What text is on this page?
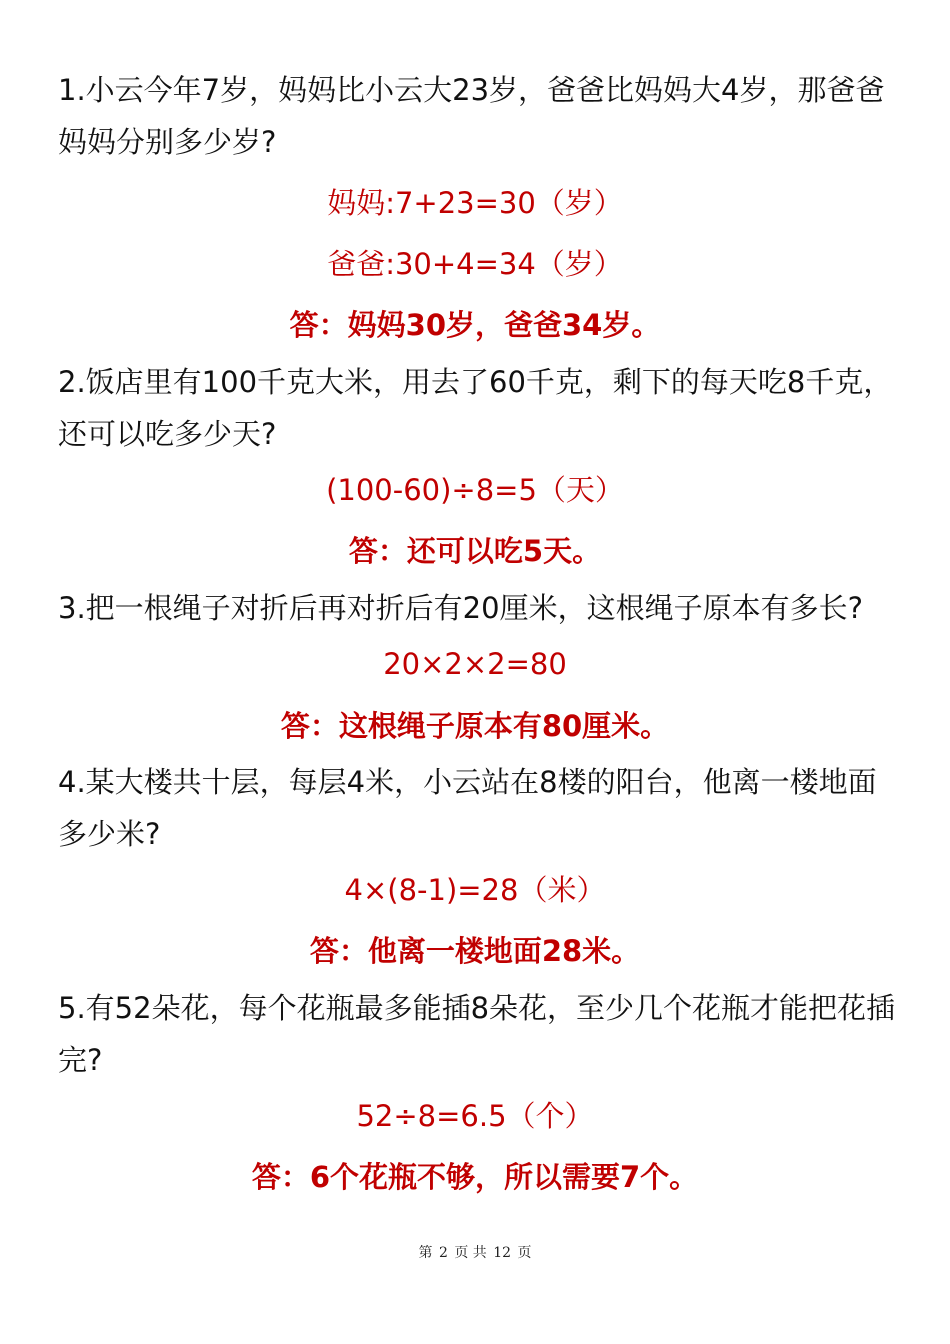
1.小云今年7岁，妈妈比小云大23岁，爸爸比妈妈大4岁，那爸爸妈妈分别多少岁?

妈妈:7+23=30（岁）

爸爸:30+4=34（岁）

答：妈妈30岁，爸爸34岁。

2.饭店里有100千克大米，用去了60千克，剩下的每天吃8千克，还可以吃多少天?

(100-60)÷8=5（天）

答：还可以吃5天。

3.把一根绳子对折后再对折后有20厘米，这根绳子原本有多长?

20×2×2=80

答：这根绳子原本有80厘米。

4.某大楼共十层，每层4米，小云站在8楼的阳台，他离一楼地面多少米?

4×(8-1)=28（米）

答：他离一楼地面28米。

5.有52朵花，每个花瓶最多能插8朵花，至少几个花瓶才能把花插完?

52÷8=6.5（个）

答：6个花瓶不够，所以需要7个。

第 2 页 共 12 页
